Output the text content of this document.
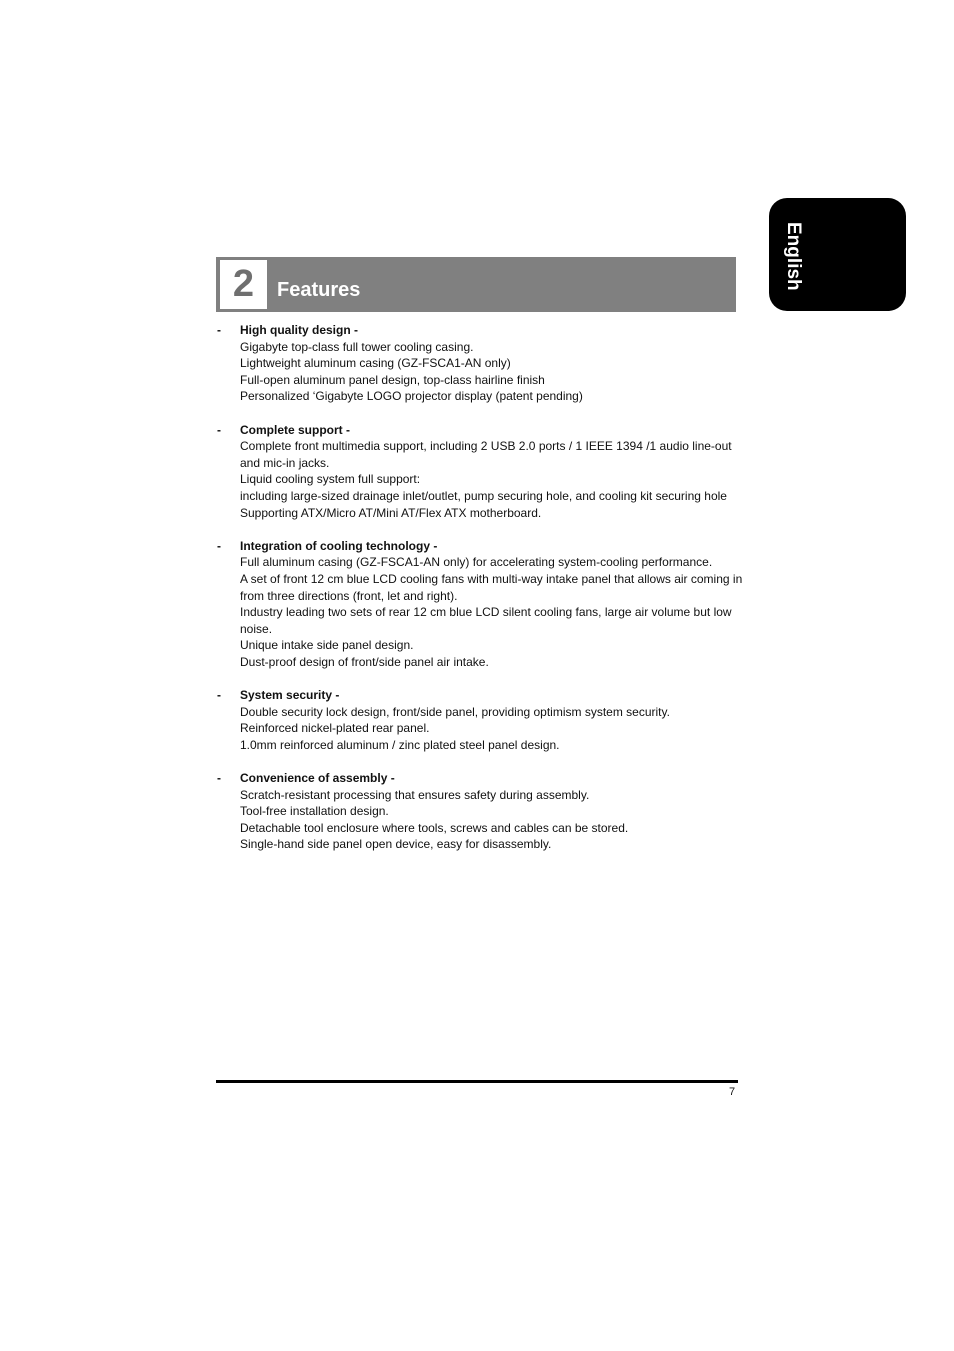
English
2	Features
- High quality design -
Gigabyte top-class full tower cooling casing.
Lightweight aluminum casing (GZ-FSCA1-AN only)
Full-open aluminum panel design, top-class hairline finish
Personalized ‘Gigabyte LOGO projector display (patent pending)
- Complete support -
Complete front multimedia support, including 2 USB 2.0 ports / 1 IEEE 1394 /1 audio line-out and mic-in jacks.
Liquid cooling system full support:
including large-sized drainage inlet/outlet, pump securing hole, and cooling kit securing hole
Supporting ATX/Micro AT/Mini AT/Flex ATX motherboard.
- Integration of cooling technology -
Full aluminum casing (GZ-FSCA1-AN only) for accelerating system-cooling performance.
A set of front 12 cm blue LCD cooling fans with multi-way intake panel that allows air coming in from three directions (front, let and right).
Industry leading two sets of rear 12 cm blue LCD silent cooling fans, large air volume but low noise.
Unique intake side panel design.
Dust-proof design of front/side panel air intake.
- System security -
Double security lock design, front/side panel, providing optimism system security.
Reinforced nickel-plated rear panel.
1.0mm reinforced aluminum / zinc plated steel panel design.
- Convenience of assembly -
Scratch-resistant processing that ensures safety during assembly.
Tool-free installation design.
Detachable tool enclosure where tools, screws and cables can be stored.
Single-hand side panel open device, easy for disassembly.
7
